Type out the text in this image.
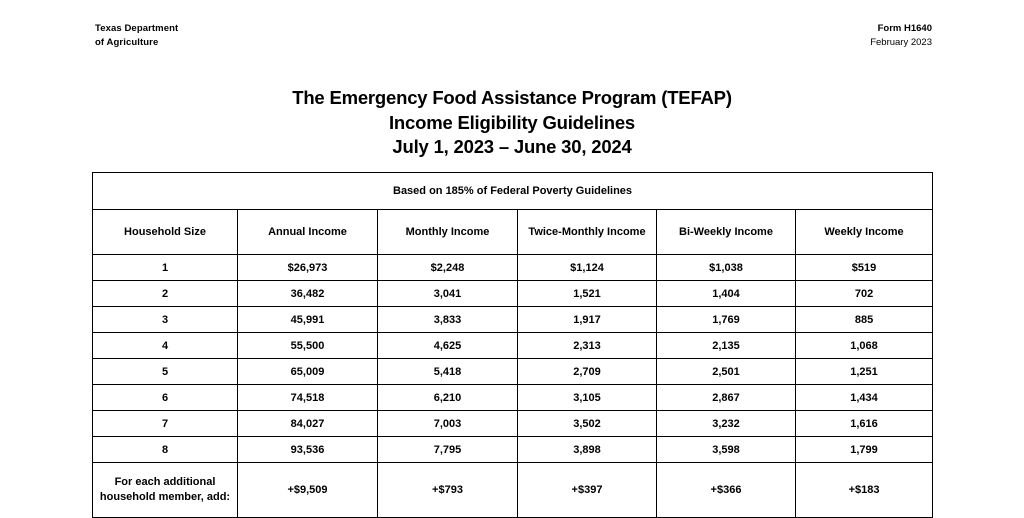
Texas Department
of Agriculture
Form H1640
February 2023
The Emergency Food Assistance Program (TEFAP)
Income Eligibility Guidelines
July 1, 2023 – June 30, 2024
Based on 185% of Federal Poverty Guidelines					
Household Size	Annual Income	Monthly Income	Twice-Monthly Income	Bi-Weekly Income	Weekly Income
1	$26,973	$2,248	$1,124	$1,038	$519
2	36,482	3,041	1,521	1,404	702
3	45,991	3,833	1,917	1,769	885
4	55,500	4,625	2,313	2,135	1,068
5	65,009	5,418	2,709	2,501	1,251
6	74,518	6,210	3,105	2,867	1,434
7	84,027	7,003	3,502	3,232	1,616
8	93,536	7,795	3,898	3,598	1,799
For each additional household member, add:	+$9,509	+$793	+$397	+$366	+$183
